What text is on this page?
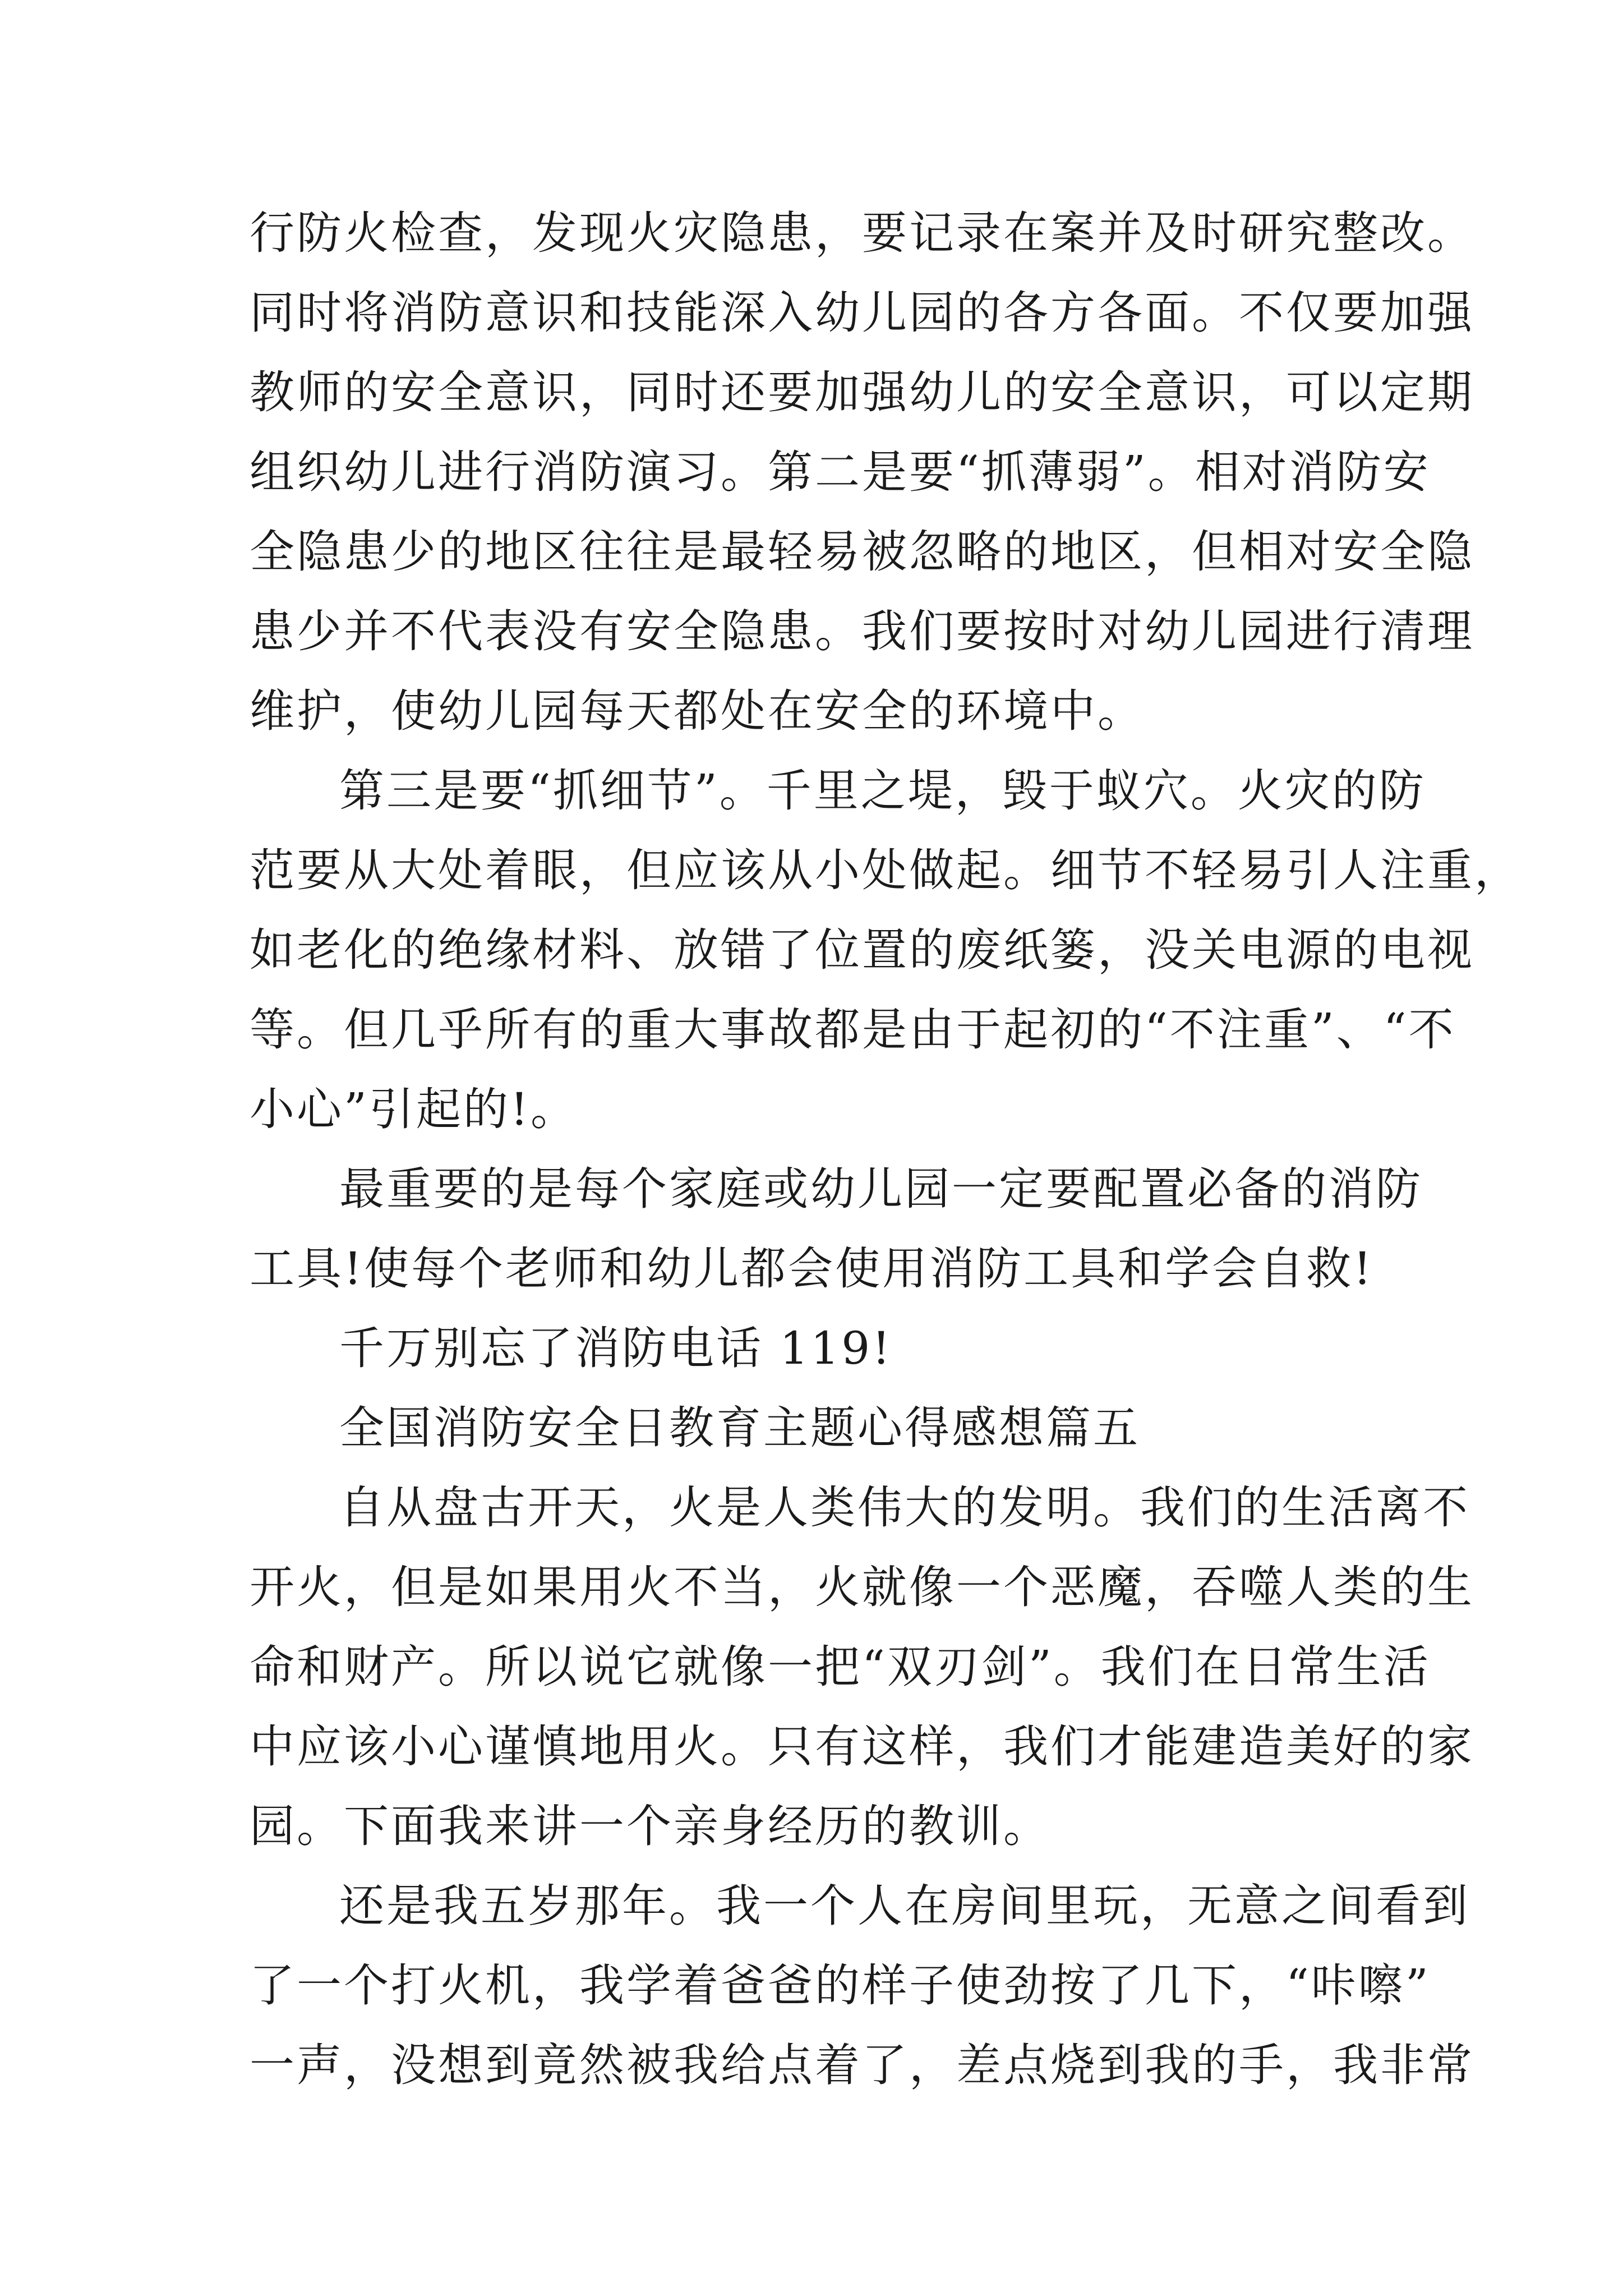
行防火检查，发现火灾隐患，要记录在案并及时研究整改。
同时将消防意识和技能深入幼儿园的各方各面。不仅要加强
教师的安全意识，同时还要加强幼儿的安全意识，可以定期
组织幼儿进行消防演习。第二是要“抓薄弱”。相对消防安
全隐患少的地区往往是最轻易被忽略的地区，但相对安全隐
患少并不代表没有安全隐患。我们要按时对幼儿园进行清理
维护，使幼儿园每天都处在安全的环境中。
第三是要“抓细节”。千里之堤，毁于蚁穴。火灾的防
范要从大处着眼，但应该从小处做起。细节不轻易引人注重，
如老化的绝缘材料、放错了位置的废纸篓，没关电源的电视
等。但几乎所有的重大事故都是由于起初的“不注重”、“不
小心”引起的!。
最重要的是每个家庭或幼儿园一定要配置必备的消防
工具!使每个老师和幼儿都会使用消防工具和学会自救!
千万别忘了消防电话 119!
全国消防安全日教育主题心得感想篇五
自从盘古开天，火是人类伟大的发明。我们的生活离不
开火，但是如果用火不当，火就像一个恶魔，吞噬人类的生
命和财产。所以说它就像一把“双刃剑”。我们在日常生活
中应该小心谨慎地用火。只有这样，我们才能建造美好的家
园。下面我来讲一个亲身经历的教训。
还是我五岁那年。我一个人在房间里玩，无意之间看到
了一个打火机，我学着爸爸的样子使劲按了几下，“咔嚓”
一声，没想到竟然被我给点着了，差点烧到我的手，我非常
